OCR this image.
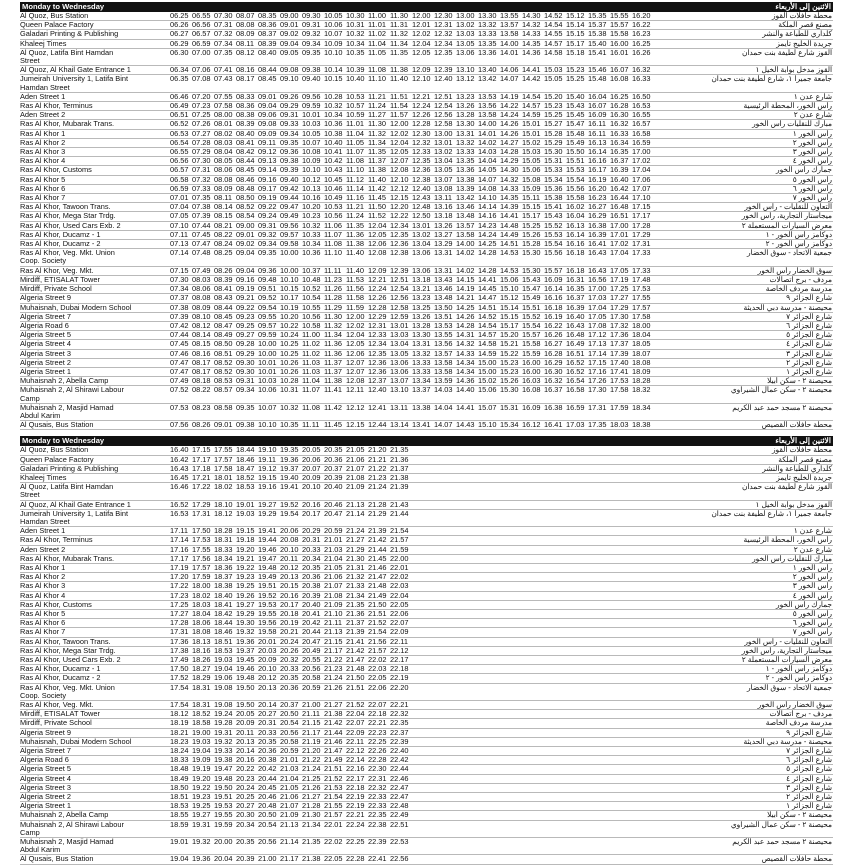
Monday to Wednesday	الاثنين إلى الأربعاء
Al Quoz, Bus Station	06.25	06.55	07.30	08.07	08.35	09.00	09.30	10.05	10.30	11.00	11.30	12.00	12.30	13.00	13.30	13.55	14.30	14.52	15.12	15.35	15.55	16.20	محطة حافلات القوز

Queen Palace Factory	06.26	06.56	07.31	08.08	08.36	09.01	09.31	10.06	10.31	11.01	11.31	12.01	12.31	13.02	13.32	13.57	14.32	14.54	15.14	15.37	15.57	16.22	مصنع قصر الملكة

Galadari Printing & Publishing	06.27	06.57	07.32	08.09	08.37	09.02	09.32	10.07	10.32	11.02	11.32	12.02	12.32	13.03	13.33	13.58	14.33	14.55	15.15	15.38	15.58	16.23	كلداري للطباعة والنشر

Khaleej Times	06.29	06.59	07.34	08.11	08.39	09.04	09.34	10.09	10.34	11.04	11.34	12.04	12.34	13.05	13.35	14.00	14.35	14.57	15.17	15.40	16.00	16.25	جريدة الخليج تايمز

Al Quoz, Latifa Bint Hamdan
Street	06.30	07.00	07.35	08.12	08.40	09.05	09.35	10.10	10.35	11.05	11.35	12.05	12.35	13.06	13.36	14.01	14.36	14.58	15.18	15.41	16.01	16.26	القوز شارع لطيفة بنت حمدان

Al Quoz, Al Khail Gate Entrance 1	06.34	07.06	07.41	08.16	08.44	09.08	09.38	10.14	10.39	11.08	11.38	12.09	12.39	13.10	13.40	14.06	14.41	15.03	15.23	15.46	16.07	16.32	القوز مدخل بوابة الخيل ١

Jumeirah University 1, Latifa Bint
Hamdan Street	06.35	07.08	07.43	08.17	08.45	09.10	09.40	10.15	10.40	11.10	11.40	12.10	12.40	13.12	13.42	14.07	14.42	15.05	15.25	15.48	16.08	16.33	جامعة جميرا ١، شارع لطيفة بنت حمدان

Aden Street 1	06.46	07.20	07.55	08.33	09.01	09.26	09.56	10.28	10.53	11.21	11.51	12.21	12.51	13.23	13.53	14.19	14.54	15.20	15.40	16.04	16.25	16.50	شارع عدن ١

Ras Al Khor, Terminus	06.49	07.23	07.58	08.36	09.04	09.29	09.59	10.32	10.57	11.24	11.54	12.24	12.54	13.26	13.56	14.22	14.57	15.23	15.43	16.07	16.28	16.53	رأس الخور، المحطة الرئيسية

Aden Street 2	06.51	07.25	08.00	08.38	09.06	09.31	10.01	10.34	10.59	11.27	11.57	12.26	12.56	13.28	13.58	14.24	14.59	15.25	15.45	16.09	16.30	16.55	شارع عدن ٢

Ras Al Khor, Mubarak Trans.	06.52	07.26	08.01	08.39	09.08	09.33	10.03	10.36	11.01	11.30	12.00	12.28	12.58	13.30	14.00	14.26	15.01	15.27	15.47	16.11	16.32	16.57	مبارك للنقليات رأس الخور

Ras Al Khor 1	06.53	07.27	08.02	08.40	09.09	09.34	10.05	10.38	11.04	11.32	12.02	12.30	13.00	13.31	14.01	14.26	15.01	15.28	15.48	16.11	16.33	16.58	رأس الخور ١

Ras Al Khor 2	06.54	07.28	08.03	08.41	09.11	09.35	10.07	10.40	11.05	11.34	12.04	12.32	13.01	13.32	14.02	14.27	15.02	15.29	15.49	16.13	16.34	16.59	رأس الخور ٢

Ras Al Khor 3	06.55	07.29	08.04	08.42	09.12	09.36	10.08	10.41	11.07	11.35	12.05	12.33	13.02	13.33	14.03	14.28	15.03	15.30	15.50	16.14	16.35	17.00	رأس الخور ٣

Ras Al Khor 4	06.56	07.30	08.05	08.44	09.13	09.38	10.09	10.42	11.08	11.37	12.07	12.35	13.04	13.35	14.04	14.29	15.05	15.31	15.51	16.16	16.37	17.02	رأس الخور ٤

Ras Al Khor, Customs	06.57	07.31	08.06	08.45	09.14	09.39	10.10	10.43	11.10	11.38	12.08	12.36	13.05	13.36	14.05	14.30	15.06	15.33	15.53	16.17	16.39	17.04	جمارك رأس الخور

Ras Al Khor 5	06.58	07.32	08.08	08.46	09.16	09.40	10.12	10.45	11.12	11.40	12.10	12.38	13.07	13.38	14.07	14.32	15.08	15.34	15.54	16.19	16.40	17.06	رأس الخور ٥

Ras Al Khor 6	06.59	07.33	08.09	08.48	09.17	09.42	10.13	10.46	11.14	11.42	12.12	12.40	13.08	13.39	14.08	14.33	15.09	15.36	15.56	16.20	16.42	17.07	رأس الخور ٦

Ras Al Khor 7	07.01	07.35	08.11	08.50	09.19	09.44	10.16	10.49	11.16	11.45	12.15	12.43	13.11	13.42	14.10	14.35	15.11	15.38	15.58	16.23	16.44	17.10	رأس الخور ٧

Ras Al Khor, Tawoon Trans.	07.04	07.38	08.14	08.52	09.22	09.47	10.20	10.53	11.21	11.50	12.20	12.48	13.16	13.46	14.14	14.39	15.15	15.41	16.02	16.27	16.48	17.15	التعاون للنقليات - رأس الخور

Ras Al Khor, Mega Star Trdg.	07.05	07.39	08.15	08.54	09.24	09.49	10.23	10.56	11.24	11.52	12.22	12.50	13.18	13.48	14.16	14.41	15.17	15.43	16.04	16.29	16.51	17.17	ميجاستار التجارية، رأس الخور

Ras Al Khor, Used Cars Exb. 2	07.10	07.44	08.21	09.00	09.31	09.56	10.32	11.06	11.35	12.04	12.34	13.01	13.26	13.57	14.23	14.48	15.25	15.52	16.13	16.38	17.00	17.28	معرض السيارات المستعملة ٢

Ras Al Khor, Ducamz - 1	07.11	07.45	08.22	09.01	09.32	09.57	10.33	11.07	11.36	12.05	12.35	13.02	13.27	13.58	14.24	14.49	15.26	15.53	16.14	16.39	17.01	17.29	دوكامز رأس الخور - ١

Ras Al Khor, Ducamz - 2	07.13	07.47	08.24	09.02	09.34	09.58	10.34	11.08	11.38	12.06	12.36	13.04	13.29	14.00	14.25	14.51	15.28	15.54	16.16	16.41	17.02	17.31	دوكامز رأس الخور - ٢

Ras Al Khor, Veg. Mkt. Union
Coop. Society	07.14	07.48	08.25	09.04	09.35	10.00	10.36	11.10	11.40	12.08	12.38	13.06	13.31	14.02	14.28	14.53	15.30	15.56	16.18	16.43	17.04	17.33	جمعية الاتحاد - سوق الخضار

Ras Al Khor, Veg. Mkt.	07.15	07.49	08.26	09.04	09.36	10.00	10.37	11.11	11.40	12.09	12.39	13.06	13.31	14.02	14.28	14.53	15.30	15.57	16.18	16.43	17.05	17.33	سوق الخضار رأس الخور

Mirdiff, ETISALAT Tower	07.30	08.03	08.39	09.16	09.48	10.10	10.48	11.23	11.53	12.21	12.51	13.18	13.43	14.15	14.41	15.06	15.43	16.09	16.31	16.56	17.19	17.48	مردف - برج اتصالات

Mirdiff, Private School	07.34	08.06	08.41	09.19	09.51	10.15	10.52	11.26	11.56	12.24	12.54	13.21	13.46	14.19	14.45	15.10	15.47	16.14	16.35	17.00	17.25	17.53	مدرسة مردف الخاصة

Algeria Street 9	07.37	08.08	08.43	09.21	09.52	10.17	10.54	11.28	11.58	12.26	12.56	13.23	13.48	14.21	14.47	15.12	15.49	16.16	16.37	17.03	17.27	17.55	شارع الجزائر ٩

Muhaisnah, Dubai Modern School	07.38	08.09	08.44	09.22	09.54	10.19	10.55	11.29	11.59	12.28	12.58	13.25	13.50	14.25	14.51	15.14	15.51	16.18	16.39	17.04	17.29	17.57	محيصنة - مدرسة دبي الحديثة

Algeria Street 7	07.39	08.10	08.45	09.23	09.55	10.20	10.56	11.30	12.00	12.29	12.59	13.26	13.51	14.26	14.52	15.15	15.52	16.19	16.40	17.05	17.30	17.58	شارع الجزائر ٧

Algeria Road 6	07.42	08.12	08.47	09.25	09.57	10.22	10.58	11.32	12.02	12.31	13.01	13.28	13.53	14.28	14.54	15.17	15.54	16.22	16.43	17.08	17.32	18.00	شارع الجزائر ٦

Algeria Street 5	07.44	08.14	08.49	09.27	09.59	10.24	11.00	11.34	12.04	12.33	13.03	13.30	13.55	14.31	14.57	15.20	15.57	16.26	16.48	17.12	17.36	18.04	شارع الجزائر ٥

Algeria Street 4	07.45	08.15	08.50	09.28	10.00	10.25	11.02	11.36	12.05	12.34	13.04	13.31	13.56	14.32	14.58	15.21	15.58	16.27	16.49	17.13	17.37	18.05	شارع الجزائر ٤

Algeria Street 3	07.46	08.16	08.51	09.29	10.00	10.25	11.02	11.36	12.06	12.35	13.05	13.32	13.57	14.33	14.59	15.22	15.59	16.28	16.51	17.14	17.39	18.07	شارع الجزائر ٣

Algeria Street 2	07.47	08.17	08.52	09.30	10.01	10.26	11.03	11.37	12.07	12.36	13.06	13.33	13.58	14.34	15.00	15.23	16.00	16.29	16.52	17.15	17.40	18.08	شارع الجزائر ٢

Algeria Street 1	07.47	08.17	08.52	09.30	10.01	10.26	11.03	11.37	12.07	12.36	13.06	13.33	13.58	14.34	15.00	15.23	16.00	16.30	16.52	17.16	17.41	18.09	شارع الجزائر ١

Muhaisnah 2, Abella Camp	07.49	08.18	08.53	09.31	10.03	10.28	11.04	11.38	12.08	12.37	13.07	13.34	13.59	14.36	15.02	15.26	16.03	16.32	16.54	17.26	17.53	18.28	محيصنة ٢ - سكن أبيلا

Muhaisnah 2, Al Shirawi Labour
Camp	07.52	08.22	08.57	09.34	10.06	10.31	11.07	11.41	12.11	12.40	13.10	13.37	14.03	14.40	15.06	15.30	16.08	16.37	16.58	17.30	17.58	18.32	محيصنة ٢ - سكن عمال الشيراوي

Muhaisnah 2, Masjid Hamad
Abdul Karim	07.53	08.23	08.58	09.35	10.07	10.32	11.08	11.42	12.12	12.41	13.11	13.38	14.04	14.41	15.07	15.31	16.09	16.38	16.59	17.31	17.59	18.34	محيصنة ٢ مسجد حمد عبد الكريم

Al Qusais, Bus Station	07.56	08.26	09.01	09.38	10.10	10.35	11.11	11.45	12.15	12.44	13.14	13.41	14.07	14.43	15.10	15.34	16.12	16.41	17.03	17.35	18.03	18.38	محطة حافلات القصيص
Monday to Wednesday	الاثنين إلى الأربعاء
Al Quoz, Bus Station	16.40	17.15	17.55	18.44	19.10	19.35	20.05	20.35	21.05	21.20	21.35	محطة حافلات القوز

Queen Palace Factory	16.42	17.17	17.57	18.46	19.11	19.36	20.06	20.36	21.06	21.21	21.36	مصنع قصر الملكة

Galadari Printing & Publishing	16.43	17.18	17.58	18.47	19.12	19.37	20.07	20.37	21.07	21.22	21.37	كلداري للطباعة والنشر

Khaleej Times	16.45	17.21	18.01	18.52	19.15	19.40	20.09	20.39	21.08	21.23	21.38	جريدة الخليج تايمز

Al Quoz, Latifa Bint Hamdan
Street	16.46	17.22	18.02	18.53	19.16	19.41	20.10	20.40	21.09	21.24	21.39	القوز شارع لطيفة بنت حمدان

Al Quoz, Al Khail Gate Entrance 1	16.52	17.29	18.10	19.01	19.27	19.52	20.16	20.46	21.13	21.28	21.43	القوز مدخل بوابة الخيل ١

Jumeirah University 1, Latifa Bint
Hamdan Street	16.53	17.31	18.12	19.03	19.29	19.54	20.17	20.47	21.14	21.29	21.44	جامعة جميرا ١، شارع لطيفة بنت حمدان

Aden Street 1	17.11	17.50	18.28	19.15	19.41	20.06	20.29	20.59	21.24	21.39	21.54	شارع عدن ١

Ras Al Khor, Terminus	17.14	17.53	18.31	19.18	19.44	20.08	20.31	21.01	21.27	21.42	21.57	رأس الخور، المحطة الرئيسية

Aden Street 2	17.16	17.55	18.33	19.20	19.46	20.10	20.33	21.03	21.29	21.44	21.59	شارع عدن ٢

Ras Al Khor, Mubarak Trans.	17.17	17.56	18.34	19.21	19.47	20.11	20.34	21.04	21.30	21.45	22.00	مبارك للنقليات رأس الخور

Ras Al Khor 1	17.19	17.57	18.36	19.22	19.48	20.12	20.35	21.05	21.31	21.46	22.01	رأس الخور ١

Ras Al Khor 2	17.20	17.59	18.37	19.23	19.49	20.13	20.36	21.06	21.32	21.47	22.02	رأس الخور ٢

Ras Al Khor 3	17.22	18.00	18.38	19.25	19.51	20.15	20.38	21.07	21.33	21.48	22.03	رأس الخور ٣

Ras Al Khor 4	17.23	18.02	18.40	19.26	19.52	20.16	20.39	21.08	21.34	21.49	22.04	رأس الخور ٤

Ras Al Khor, Customs	17.25	18.03	18.41	19.27	19.53	20.17	20.40	21.09	21.35	21.50	22.05	جمارك رأس الخور

Ras Al Khor 5	17.27	18.04	18.42	19.29	19.55	20.18	20.41	21.10	21.36	21.51	22.06	رأس الخور ٥

Ras Al Khor 6	17.28	18.06	18.44	19.30	19.56	20.19	20.42	21.11	21.37	21.52	22.07	رأس الخور ٦

Ras Al Khor 7	17.31	18.08	18.46	19.32	19.58	20.21	20.44	21.13	21.39	21.54	22.09	رأس الخور ٧

Ras Al Khor, Tawoon Trans.	17.36	18.13	18.51	19.36	20.01	20.24	20.47	21.15	21.41	21.56	22.11	التعاون للنقليات - رأس الخور

Ras Al Khor, Mega Star Trdg.	17.38	18.16	18.53	19.37	20.03	20.26	20.49	21.17	21.42	21.57	22.12	ميجاستار التجارية، رأس الخور

Ras Al Khor, Used Cars Exb. 2	17.49	18.26	19.03	19.45	20.09	20.32	20.55	21.22	21.47	22.02	22.17	معرض السيارات المستعملة ٢

Ras Al Khor, Ducamz - 1	17.50	18.27	19.04	19.46	20.10	20.33	20.56	21.23	21.48	22.03	22.18	دوكامز رأس الخور - ١

Ras Al Khor, Ducamz - 2	17.52	18.29	19.06	19.48	20.12	20.35	20.58	21.24	21.50	22.05	22.19	دوكامز رأس الخور - ٢

Ras Al Khor, Veg. Mkt. Union
Coop. Society	17.54	18.31	19.08	19.50	20.13	20.36	20.59	21.26	21.51	22.06	22.20	جمعية الاتحاد - سوق الخضار

Ras Al Khor, Veg. Mkt.	17.54	18.31	19.08	19.50	20.14	20.37	21.00	21.27	21.52	22.07	22.21	سوق الخضار رأس الخور

Mirdiff, ETISALAT Tower	18.12	18.52	19.24	20.05	20.27	20.50	21.11	21.38	22.04	22.18	22.32	مردف - برج اتصالات

Mirdiff, Private School	18.19	18.58	19.28	20.09	20.31	20.54	21.15	21.42	22.07	22.21	22.35	مدرسة مردف الخاصة

Algeria Street 9	18.21	19.00	19.31	20.11	20.33	20.56	21.17	21.44	22.09	22.23	22.37	شارع الجزائر ٩

Muhaisnah, Dubai Modern School	18.23	19.03	19.32	20.13	20.35	20.58	21.19	21.46	22.11	22.25	22.39	محيصنة - مدرسة دبي الحديثة

Algeria Street 7	18.24	19.04	19.33	20.14	20.36	20.59	21.20	21.47	22.12	22.26	22.40	شارع الجزائر ٧

Algeria Road 6	18.33	19.09	19.38	20.16	20.38	21.01	21.22	21.49	22.14	22.28	22.42	شارع الجزائر ٦

Algeria Street 5	18.48	19.19	19.47	20.22	20.42	21.03	21.24	21.51	22.16	22.30	22.44	شارع الجزائر ٥

Algeria Street 4	18.49	19.20	19.48	20.23	20.44	21.04	21.25	21.52	22.17	22.31	22.46	شارع الجزائر ٤

Algeria Street 3	18.50	19.22	19.50	20.24	20.45	21.05	21.26	21.53	22.18	22.32	22.47	شارع الجزائر ٣

Algeria Street 2	18.51	19.23	19.51	20.25	20.46	21.06	21.27	21.54	22.19	22.33	22.47	شارع الجزائر ٢

Algeria Street 1	18.53	19.25	19.53	20.27	20.48	21.07	21.28	21.55	22.19	22.33	22.48	شارع الجزائر ١

Muhaisnah 2, Abella Camp	18.55	19.27	19.55	20.30	20.50	21.09	21.30	21.57	22.21	22.35	22.49	محيصنة ٢ - سكن أبيلا

Muhaisnah 2, Al Shirawi Labour
Camp	18.59	19.31	19.59	20.34	20.54	21.13	21.34	22.01	22.24	22.38	22.51	محيصنة ٢ - سكن عمال الشيراوي

Muhaisnah 2, Masjid Hamad
Abdul Karim	19.01	19.32	20.00	20.35	20.56	21.14	21.35	22.02	22.25	22.39	22.53	محيصنة ٢ مسجد حمد عبد الكريم

Al Qusais, Bus Station	19.04	19.36	20.04	20.39	21.00	21.17	21.38	22.05	22.28	22.41	22.56	محطة حافلات القصيص
